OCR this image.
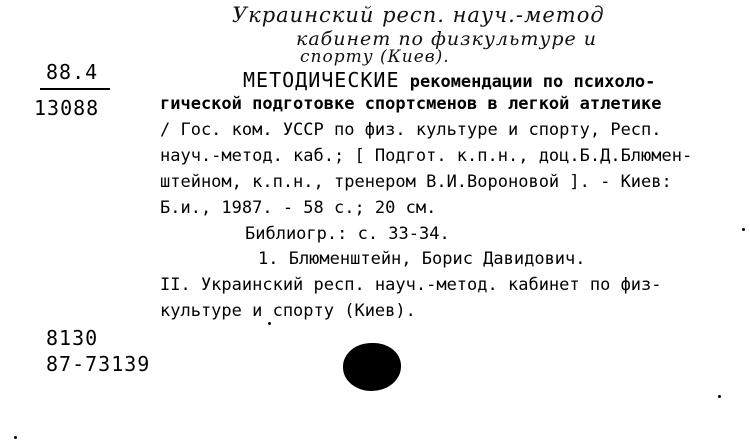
Украинский респ. науч.-метод
кабинет по физкультуре и
спорту (Киев).
88.4
13088
МЕТОДИЧЕСКИЕ рекомендации по психоло-
гической подготовке спортсменов в легкой атлетике
/ Гос. ком. УССР по физ. культуре и спорту, Респ.
науч.-метод. каб.; [ Подгот. к.п.н., доц.Б.Д.Блюмен-
штейном, к.п.н., тренером В.И.Вороновой ]. - Киев:
Б.и., 1987. - 58 с.; 20 см.
Библиогр.: с. 33-34.
1. Блюменштейн, Борис Давидович.
II. Украинский респ. науч.-метод. кабинет по физ-
культуре и спорту (Киев).
8130
87-73139
